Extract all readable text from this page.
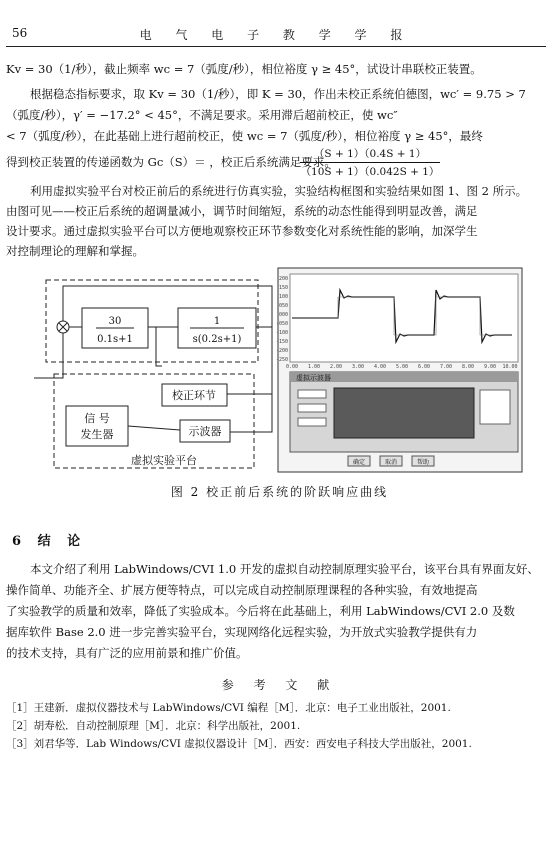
56	电 气 电 子 教 学 学 报
Kv = 30（1/秒），截止频率 wc = 7（弧度/秒），相位裕度 γ ≥ 45°，试设计串联校正装置。
根据稳态指标要求，取 Kv = 30（1/秒），即 K = 30，作出未校正系统伯德图，wc′ = 9.75 > 7
（弧度/秒），γ′ = −17.2° < 45°，不满足要求。采用滞后超前校正，使 wc″
< 7（弧度/秒），在此基础上进行超前校正，使 wc = 7（弧度/秒），相位裕度 γ ≥ 45°，最终
得到校正装置的传递函数为 Gc（S）＝ ，校正后系统满足要求。
$\frac{(S + 1)(0.4S + 1)}{(10S + 1)(0.042S + 1)}$
利用虚拟实验平台对校正前后的系统进行仿真实验，实验结构框图和实验结果如图 1、图 2 所示。
由图可见——校正后系统的超调量减小，调节时间缩短，系统的动态性能得到明显改善，满足
设计要求。通过虚拟实验平台可以方便地观察校正环节参数变化对系统性能的影响，加深学生
对控制理论的理解和掌握。
30
0.1s+1
1
s(0.2s+1)
校正环节
信 号
发生器	示波器
虚拟实验平台
200
150
100
050
000
-050
-100
-150
-200
-250
0.00 1.00 2.00 3.00 4.00 5.00 6.00 7.00 8.00 9.00 10.00
虚拟示波器
确定	取消	帮助
图 2 校正前后系统的阶跃响应曲线
6 结 论
本文介绍了利用 LabWindows/CVI 1.0 开发的虚拟自动控制原理实验平台，该平台具有界面友好、
操作简单、功能齐全、扩展方便等特点，可以完成自动控制原理课程的各种实验，有效地提高
了实验教学的质量和效率，降低了实验成本。今后将在此基础上，利用 LabWindows/CVI 2.0 及数
据库软件 Base 2.0 进一步完善实验平台，实现网络化远程实验，为开放式实验教学提供有力
的技术支持，具有广泛的应用前景和推广价值。
参 考 文 献
［1］王建新．虚拟仪器技术与 LabWindows/CVI 编程［M］．北京：电子工业出版社，2001.
［2］胡寿松．自动控制原理［M］．北京：科学出版社，2001.
［3］刘君华等．Lab Windows/CVI 虚拟仪器设计［M］．西安：西安电子科技大学出版社，2001.
